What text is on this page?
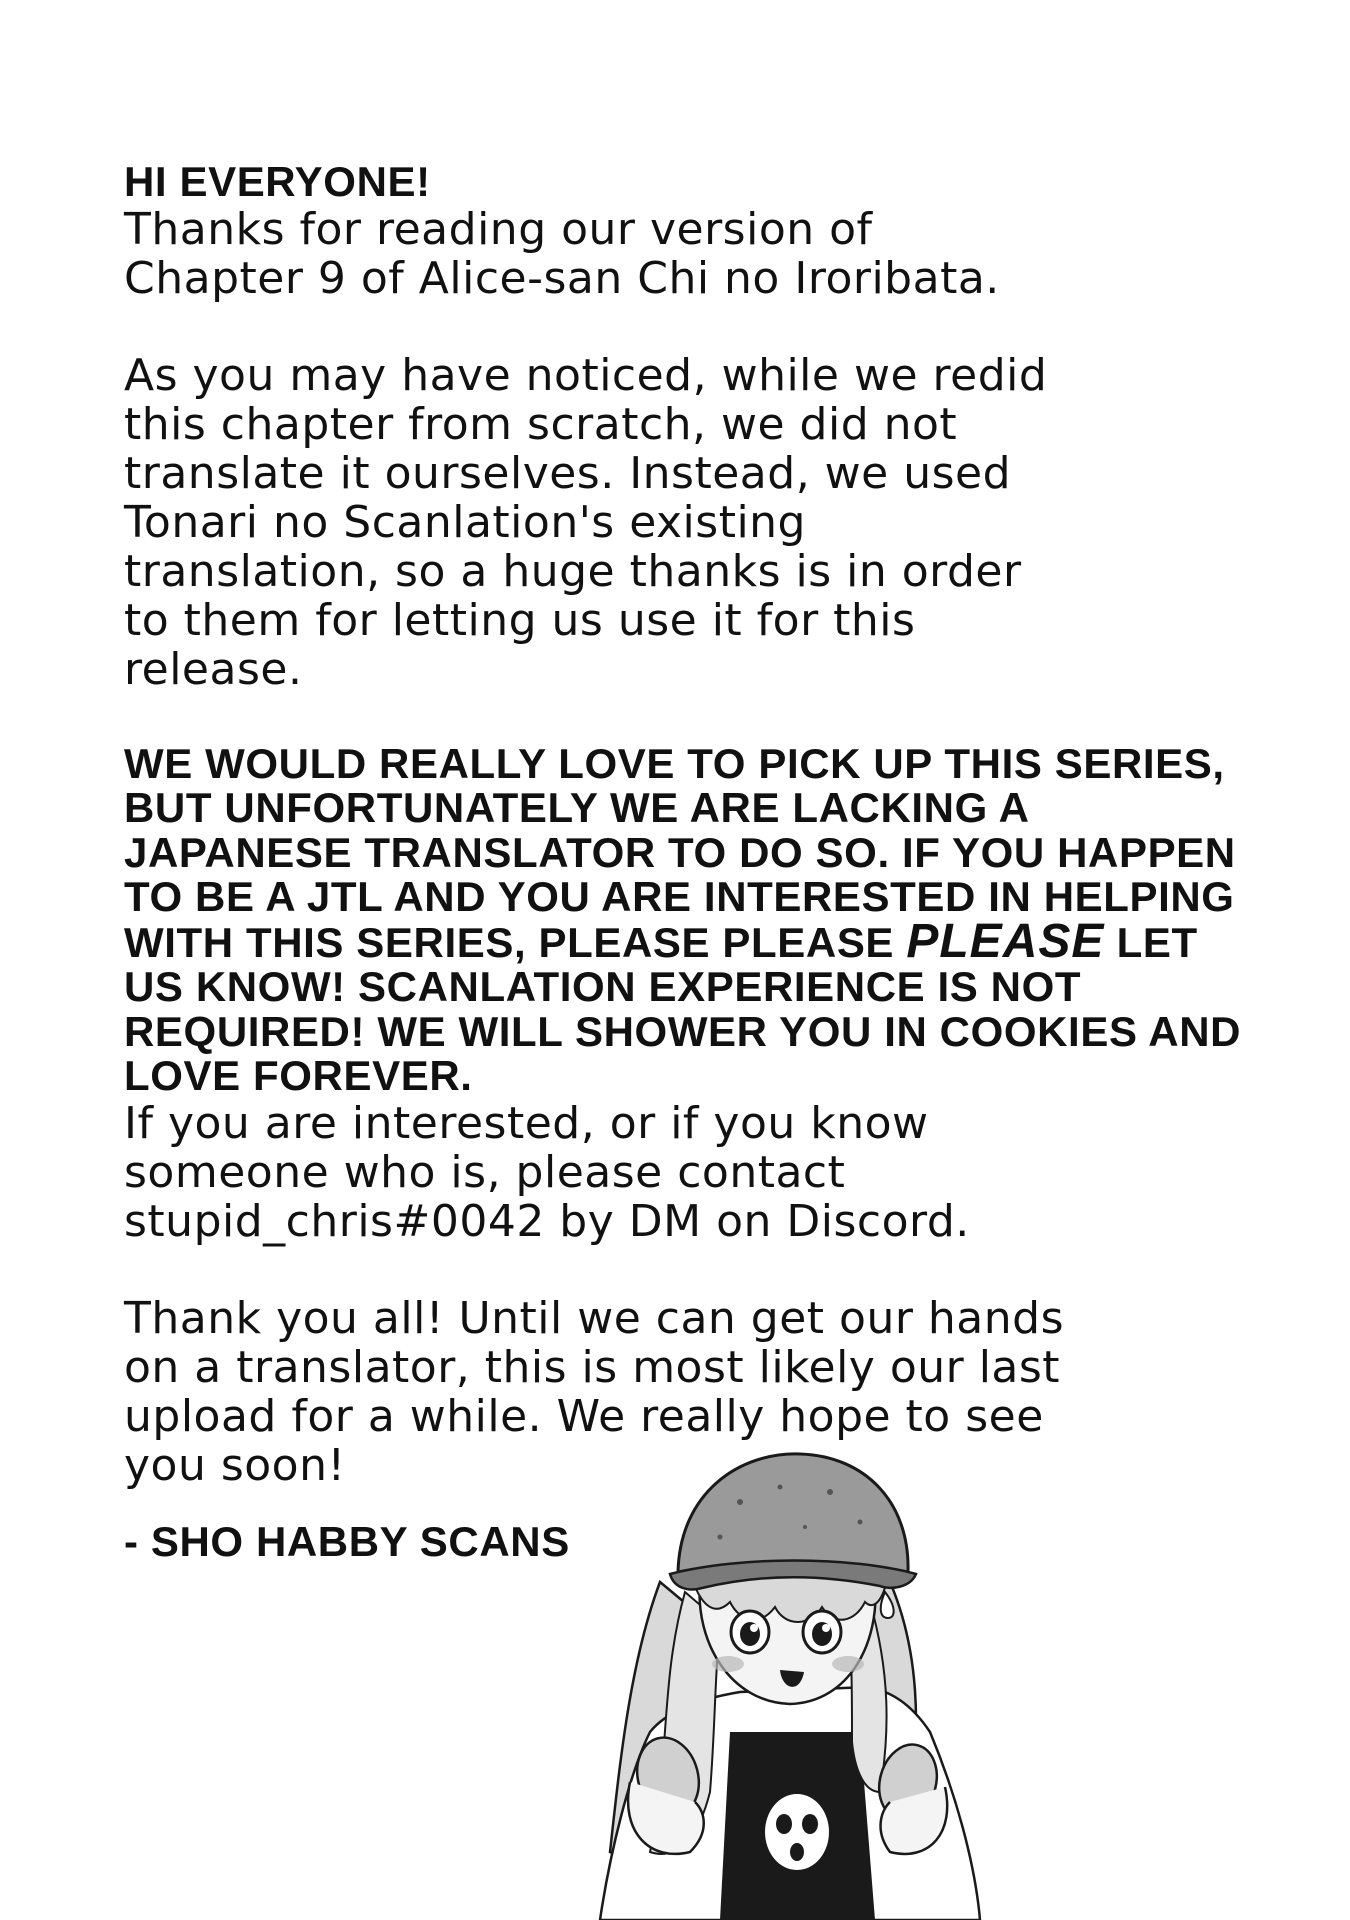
HI EVERYONE!

Thanks for reading our version of
Chapter 9 of Alice-san Chi no Iroribata.

As you may have noticed, while we redid
this chapter from scratch, we did not
translate it ourselves. Instead, we used
Tonari no Scanlation's existing
translation, so a huge thanks is in order
to them for letting us use it for this
release.

WE WOULD REALLY LOVE TO PICK UP THIS SERIES, BUT UNFORTUNATELY WE ARE LACKING A JAPANESE TRANSLATOR TO DO SO. IF YOU HAPPEN TO BE A JTL AND YOU ARE INTERESTED IN HELPING WITH THIS SERIES, PLEASE PLEASE PLEASE LET US KNOW! SCANLATION EXPERIENCE IS NOT REQUIRED! WE WILL SHOWER YOU IN COOKIES AND LOVE FOREVER.

If you are interested, or if you know
someone who is, please contact
stupid_chris#0042 by DM on Discord.

Thank you all! Until we can get our hands
on a translator, this is most likely our last
upload for a while. We really hope to see
you soon!

- SHO HABBY SCANS
